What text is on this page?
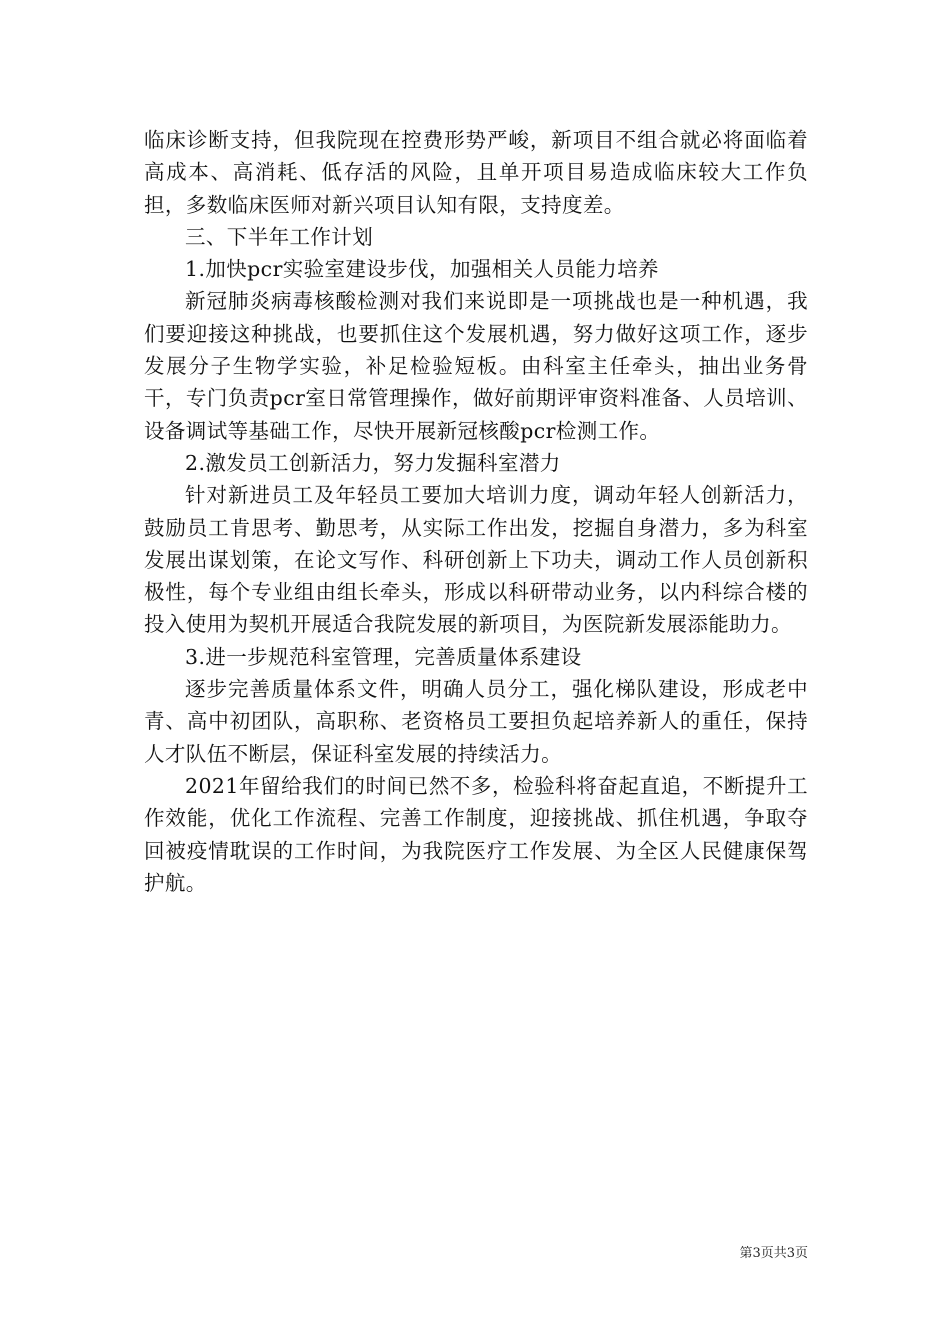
临床诊断支持，但我院现在控费形势严峻，新项目不组合就必将面临着高成本、高消耗、低存活的风险，且单开项目易造成临床较大工作负担，多数临床医师对新兴项目认知有限，支持度差。

三、下半年工作计划

1.加快pcr实验室建设步伐，加强相关人员能力培养

新冠肺炎病毒核酸检测对我们来说即是一项挑战也是一种机遇，我们要迎接这种挑战，也要抓住这个发展机遇，努力做好这项工作，逐步发展分子生物学实验，补足检验短板。由科室主任牵头，抽出业务骨干，专门负责pcr室日常管理操作，做好前期评审资料准备、人员培训、设备调试等基础工作，尽快开展新冠核酸pcr检测工作。

2.激发员工创新活力，努力发掘科室潜力

针对新进员工及年轻员工要加大培训力度，调动年轻人创新活力，鼓励员工肯思考、勤思考，从实际工作出发，挖掘自身潜力，多为科室发展出谋划策，在论文写作、科研创新上下功夫，调动工作人员创新积极性，每个专业组由组长牵头，形成以科研带动业务，以内科综合楼的投入使用为契机开展适合我院发展的新项目，为医院新发展添能助力。

3.进一步规范科室管理，完善质量体系建设

逐步完善质量体系文件，明确人员分工，强化梯队建设，形成老中青、高中初团队，高职称、老资格员工要担负起培养新人的重任，保持人才队伍不断层，保证科室发展的持续活力。

2021年留给我们的时间已然不多，检验科将奋起直追，不断提升工作效能，优化工作流程、完善工作制度，迎接挑战、抓住机遇，争取夺回被疫情耽误的工作时间，为我院医疗工作发展、为全区人民健康保驾护航。

第3页共3页
